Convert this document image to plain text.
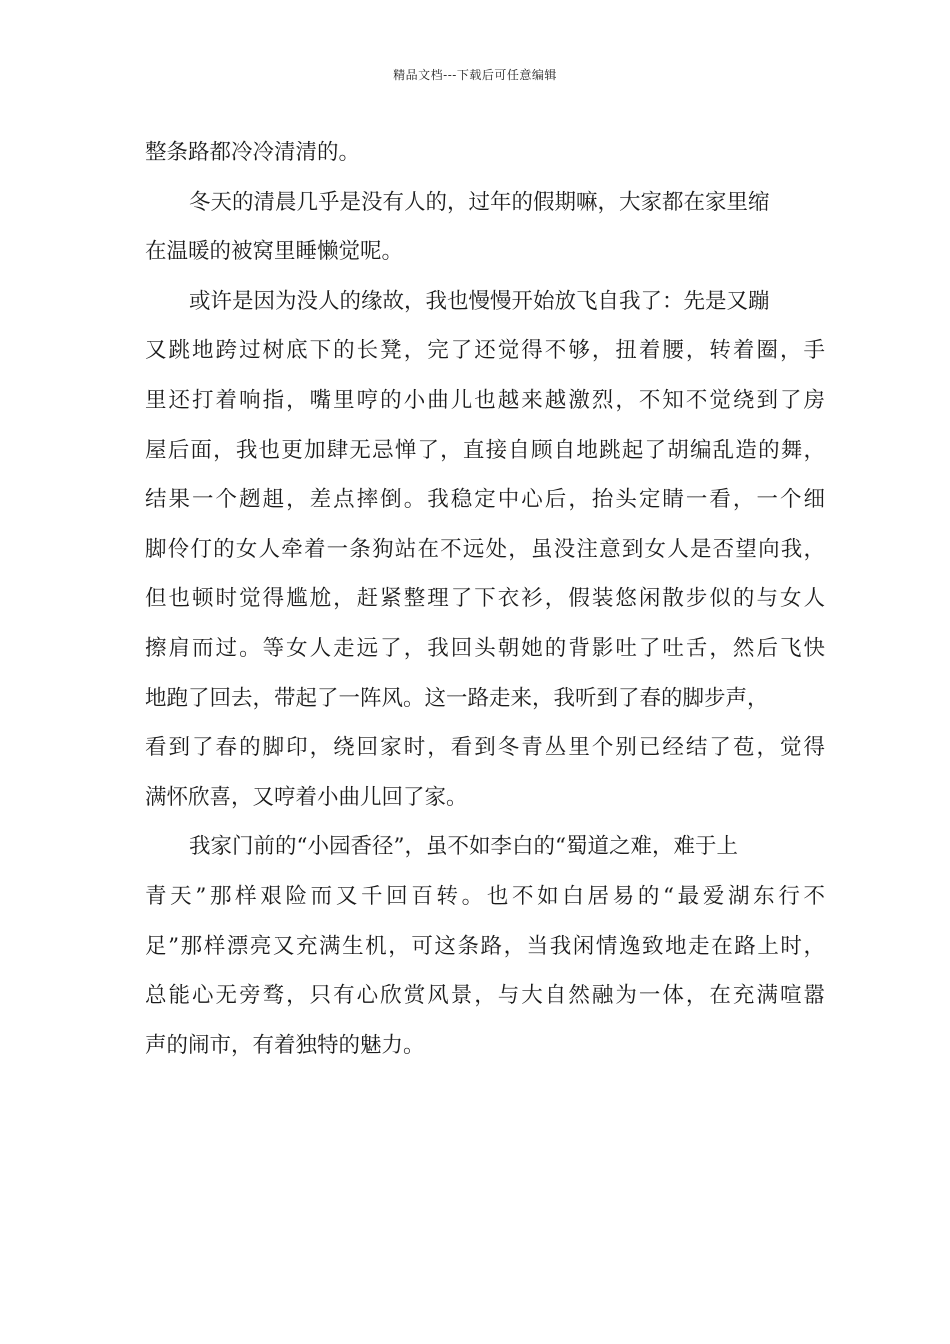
精品文档---下载后可任意编辑
整条路都冷冷清清的。
冬天的清晨几乎是没有人的，过年的假期嘛，大家都在家里缩
在温暖的被窝里睡懒觉呢。
或许是因为没人的缘故，我也慢慢开始放飞自我了：先是又蹦
又跳地跨过树底下的长凳，完了还觉得不够，扭着腰，转着圈，手
里还打着响指，嘴里哼的小曲儿也越来越激烈，不知不觉绕到了房
屋后面，我也更加肆无忌惮了，直接自顾自地跳起了胡编乱造的舞，
结果一个趔趄，差点摔倒。我稳定中心后，抬头定睛一看，一个细
脚伶仃的女人牵着一条狗站在不远处，虽没注意到女人是否望向我，
但也顿时觉得尴尬，赶紧整理了下衣衫，假装悠闲散步似的与女人
擦肩而过。等女人走远了，我回头朝她的背影吐了吐舌，然后飞快
地跑了回去，带起了一阵风。这一路走来，我听到了春的脚步声，
看到了春的脚印，绕回家时，看到冬青丛里个别已经结了苞，觉得
满怀欣喜，又哼着小曲儿回了家。
我家门前的“小园香径”，虽不如李白的“蜀道之难，难于上
青天”那样艰险而又千回百转。也不如白居易的“最爱湖东行不
足”那样漂亮又充满生机，可这条路，当我闲情逸致地走在路上时，
总能心无旁骛，只有心欣赏风景，与大自然融为一体，在充满喧嚣
声的闹市，有着独特的魅力。
